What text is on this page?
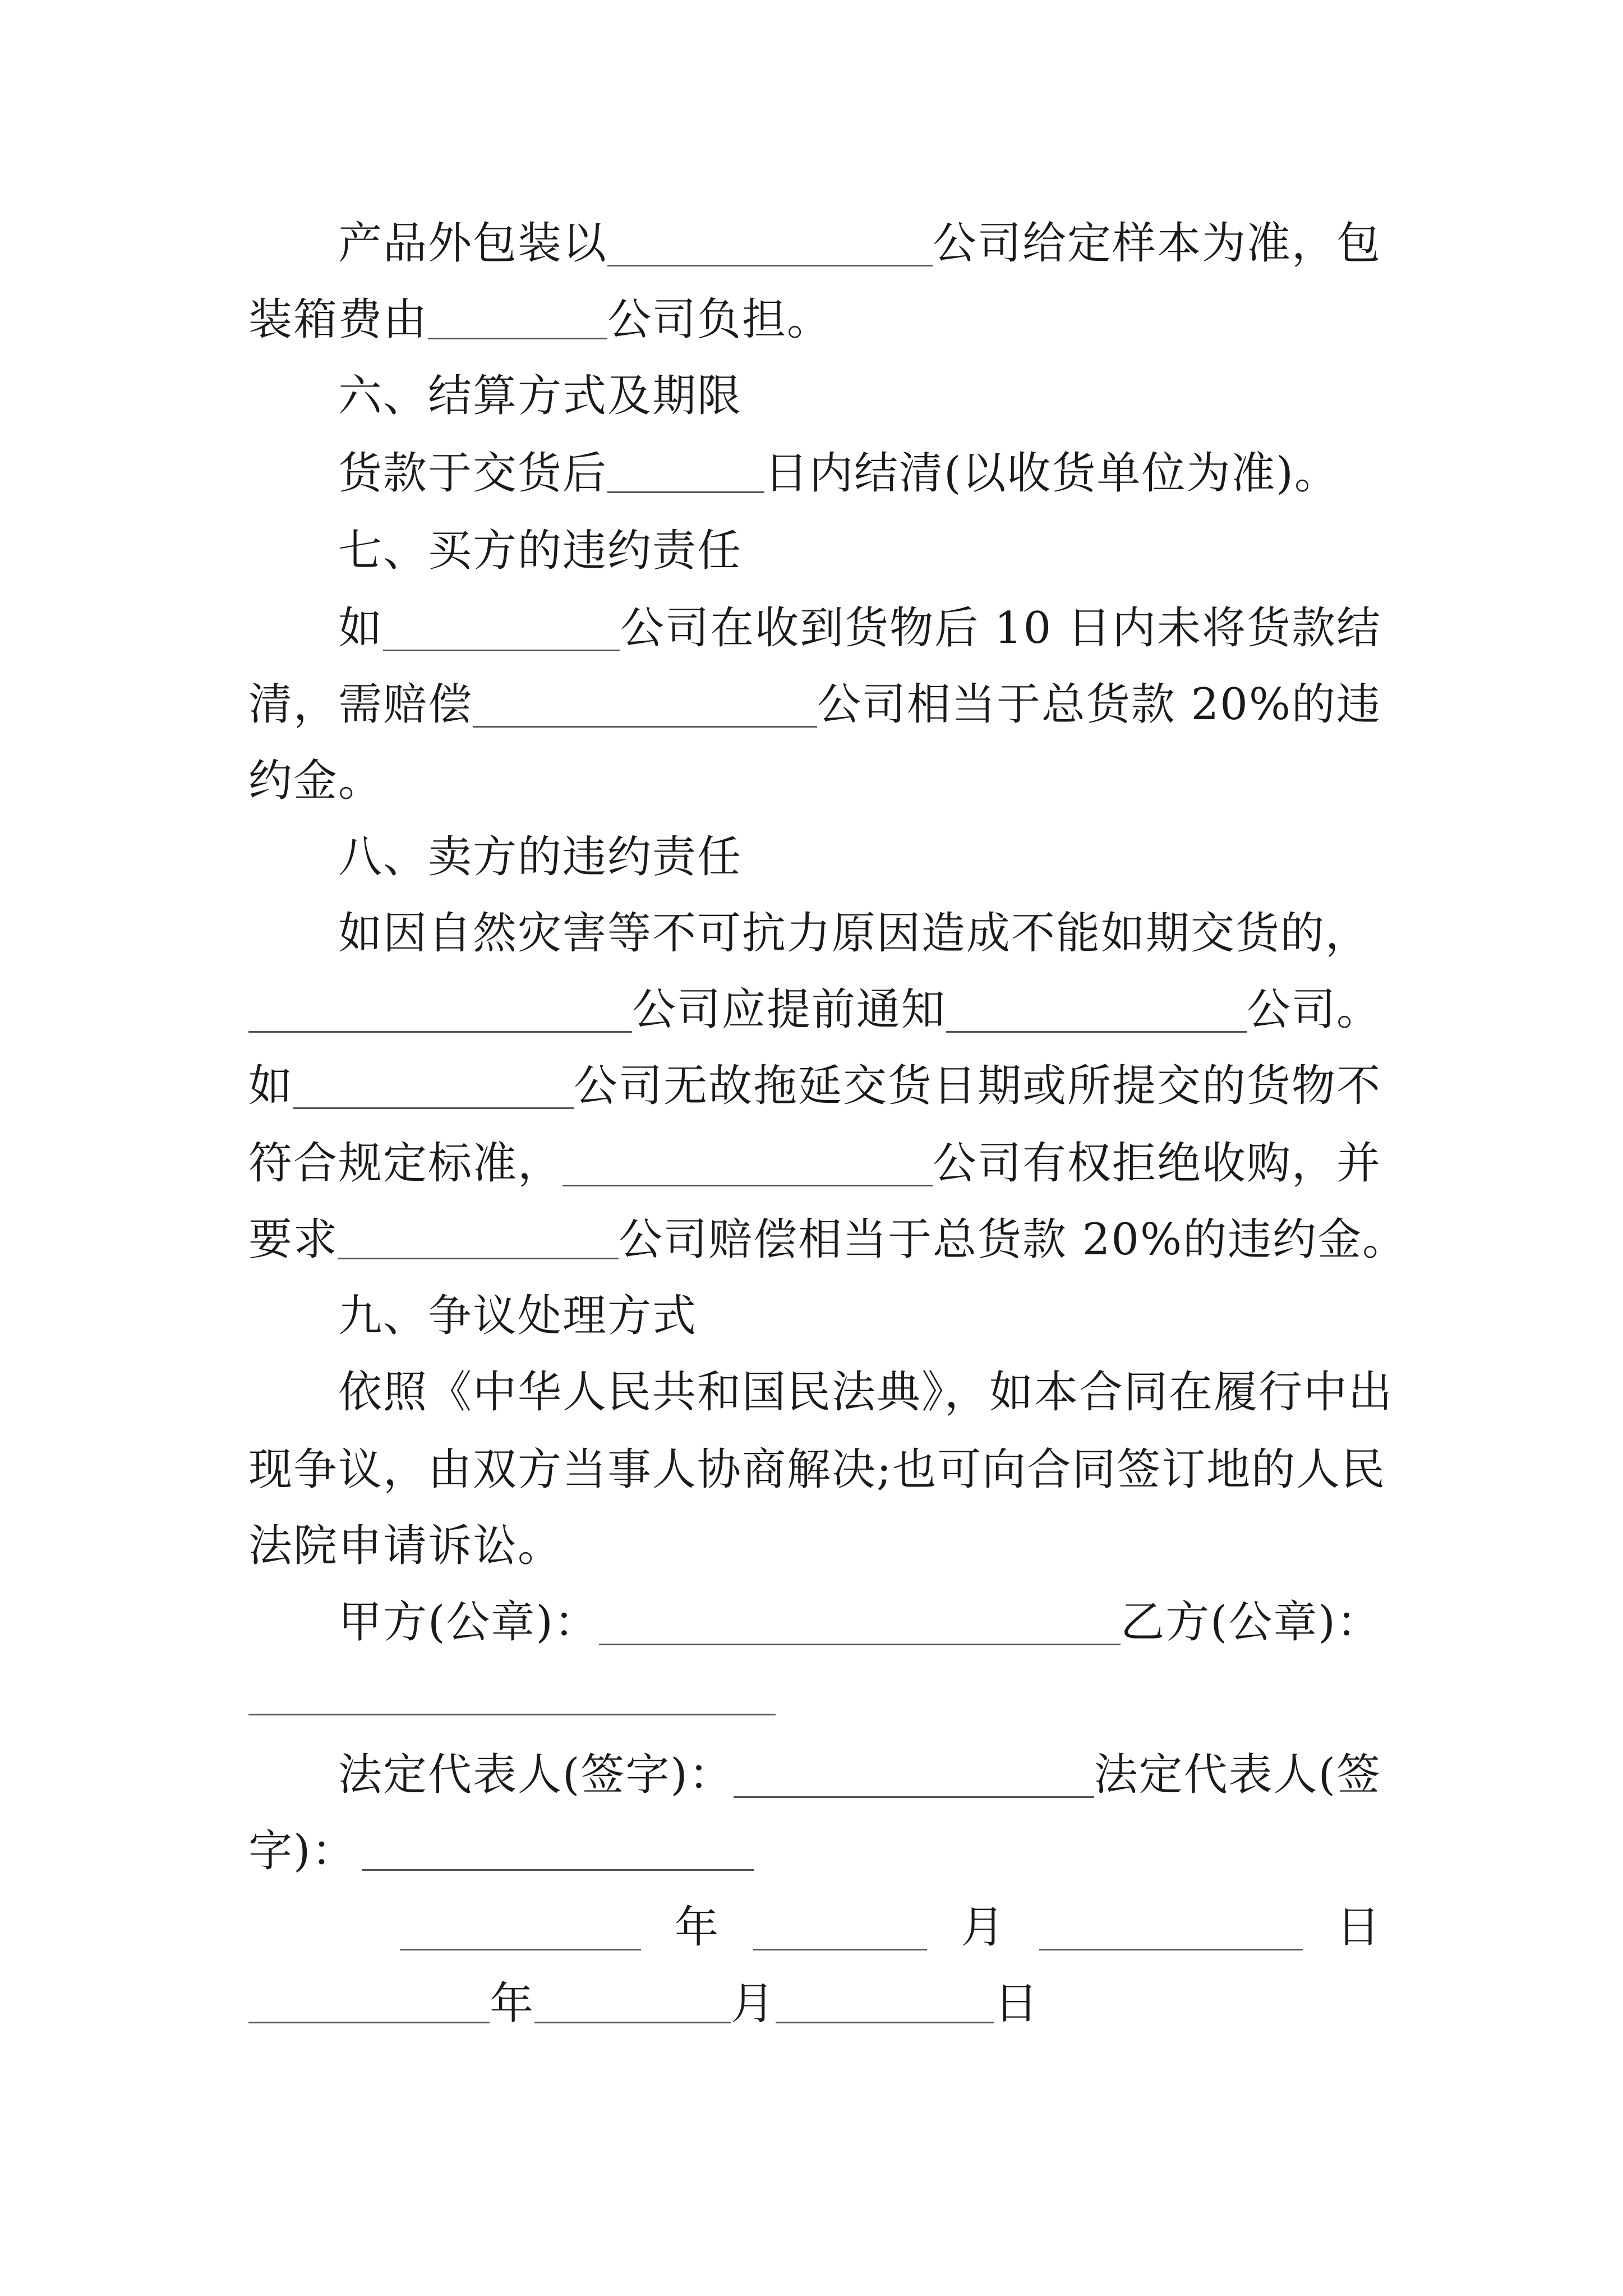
产品外包装以	公司给定样本为准，包
装箱费由	公司负担。
六、结算方式及期限
货款于交货后	日内结清(以收货单位为准)。
七、买方的违约责任
如	公司在收到货物后 10 日内未将货款结
清，需赔偿	公司相当于总货款 20%的违
约金。
八、卖方的违约责任
如因自然灾害等不可抗力原因造成不能如期交货的，
公司应提前通知	公司。
如	公司无故拖延交货日期或所提交的货物不
符合规定标准，	公司有权拒绝收购，并
要求	公司赔偿相当于总货款 20%的违约金。
九、争议处理方式
依照《中华人民共和国民法典》，如本合同在履行中出
现争议，由双方当事人协商解决;也可向合同签订地的人民
法院申请诉讼。
甲方(公章)：	乙方(公章)：
法定代表人(签字)：	法定代表人(签
字)：
年	月	日
年	月	日
